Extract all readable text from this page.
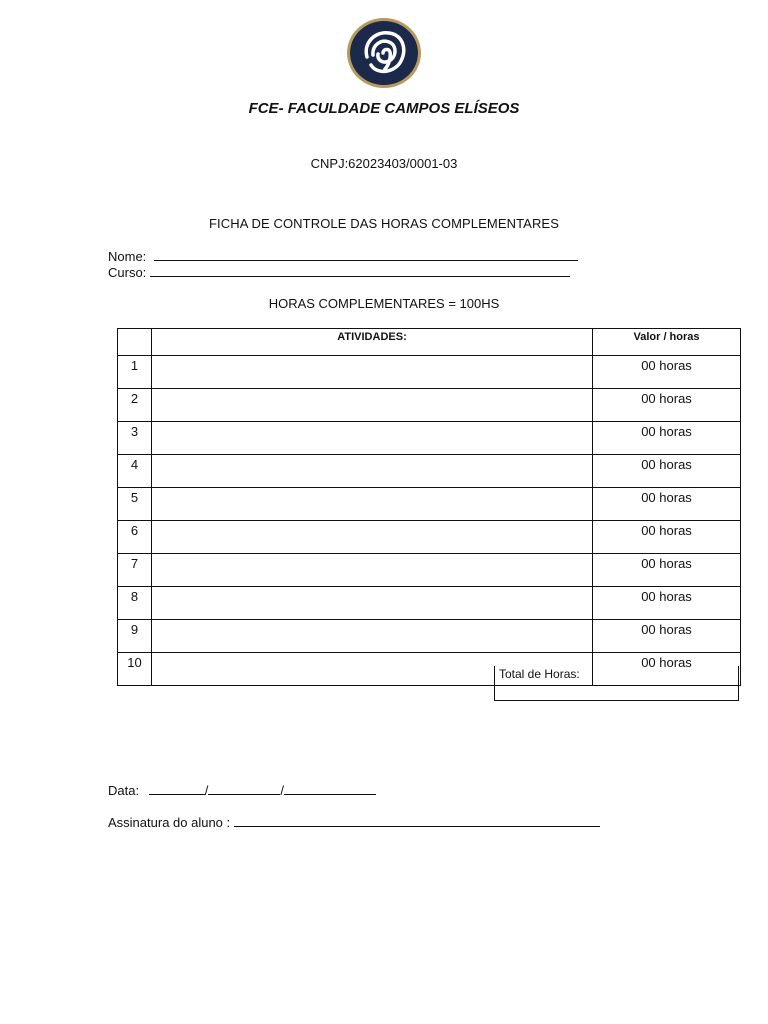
FCE- FACULDADE CAMPOS ELÍSEOS
CNPJ:62023403/0001-03
FICHA DE CONTROLE DAS HORAS COMPLEMENTARES
Nome:
Curso:
HORAS COMPLEMENTARES = 100HS
	ATIVIDADES:	Valor / horas
1		00 horas
2		00 horas
3		00 horas
4		00 horas
5		00 horas
6		00 horas
7		00 horas
8		00 horas
9		00 horas
10		00 horas
Total de Horas:
Data:	/	/
Assinatura do aluno :
